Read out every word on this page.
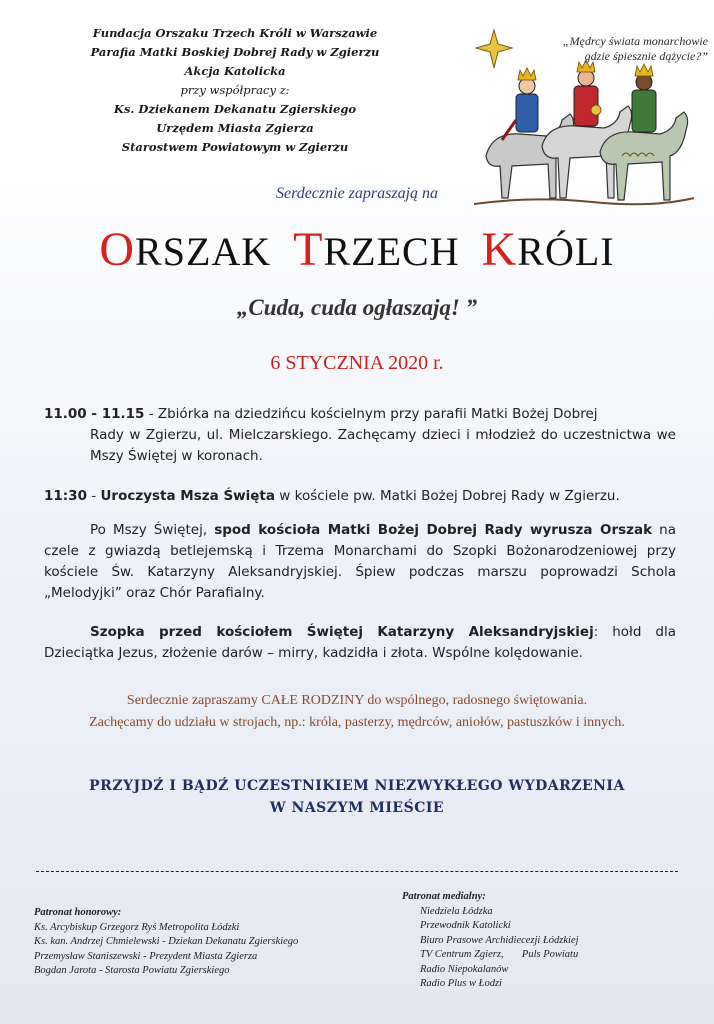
Fundacja Orszaku Trzech Króli w Warszawie
Parafia Matki Boskiej Dobrej Rady w Zgierzu
Akcja Katolicka
przy współpracy z:
Ks. Dziekanem Dekanatu Zgierskiego
Urzędem Miasta Zgierza
Starostwem Powiatowym w Zgierzu
„Mędrcy świata monarchowie
gdzie śpiesznie dążycie?”
Serdecznie zapraszają na
ORSZAK TRZECH KRÓLI
„Cuda, cuda ogłaszają! ”
6 STYCZNIA 2020 r.
11.00 - 11.15 - Zbiórka na dziedzińcu kościelnym przy parafii Matki Bożej Dobrej
Rady w Zgierzu, ul. Mielczarskiego. Zachęcamy dzieci i młodzież do uczestnictwa we Mszy Świętej w koronach.
11:30 - Uroczysta Msza Święta w kościele pw. Matki Bożej Dobrej Rady w Zgierzu.
Po Mszy Świętej, spod kościoła Matki Bożej Dobrej Rady wyrusza Orszak na czele z gwiazdą betlejemską i Trzema Monarchami do Szopki Bożonarodzeniowej przy kościele Św. Katarzyny Aleksandryjskiej. Śpiew podczas marszu poprowadzi Schola „Melodyjki” oraz Chór Parafialny.
Szopka przed kościołem Świętej Katarzyny Aleksandryjskiej: hołd dla Dzieciątka Jezus, złożenie darów – mirry, kadzidła i złota. Wspólne kolędowanie.
Serdecznie zapraszamy CAŁE RODZINY do wspólnego, radosnego świętowania.
Zachęcamy do udziału w strojach, np.: króla, pasterzy, mędrców, aniołów, pastuszków i innych.
PRZYJDŹ I BĄDŹ UCZESTNIKIEM NIEZWYKŁEGO WYDARZENIA
W NASZYM MIEŚCIE
Patronat honorowy:
Ks. Arcybiskup Grzegorz Ryś Metropolita Łódzki
Ks. kan. Andrzej Chmielewski - Dziekan Dekanatu Zgierskiego
Przemysław Staniszewski - Prezydent Miasta Zgierza
Bogdan Jarota - Starosta Powiatu Zgierskiego
Patronat medialny:
Niedziela Łódzka
Przewodnik Katolicki
Biuro Prasowe Archidiecezji Łódzkiej
TV Centrum Zgierz,       Puls Powiatu
Radio Niepokalanów
Radio Plus w Łodzi
